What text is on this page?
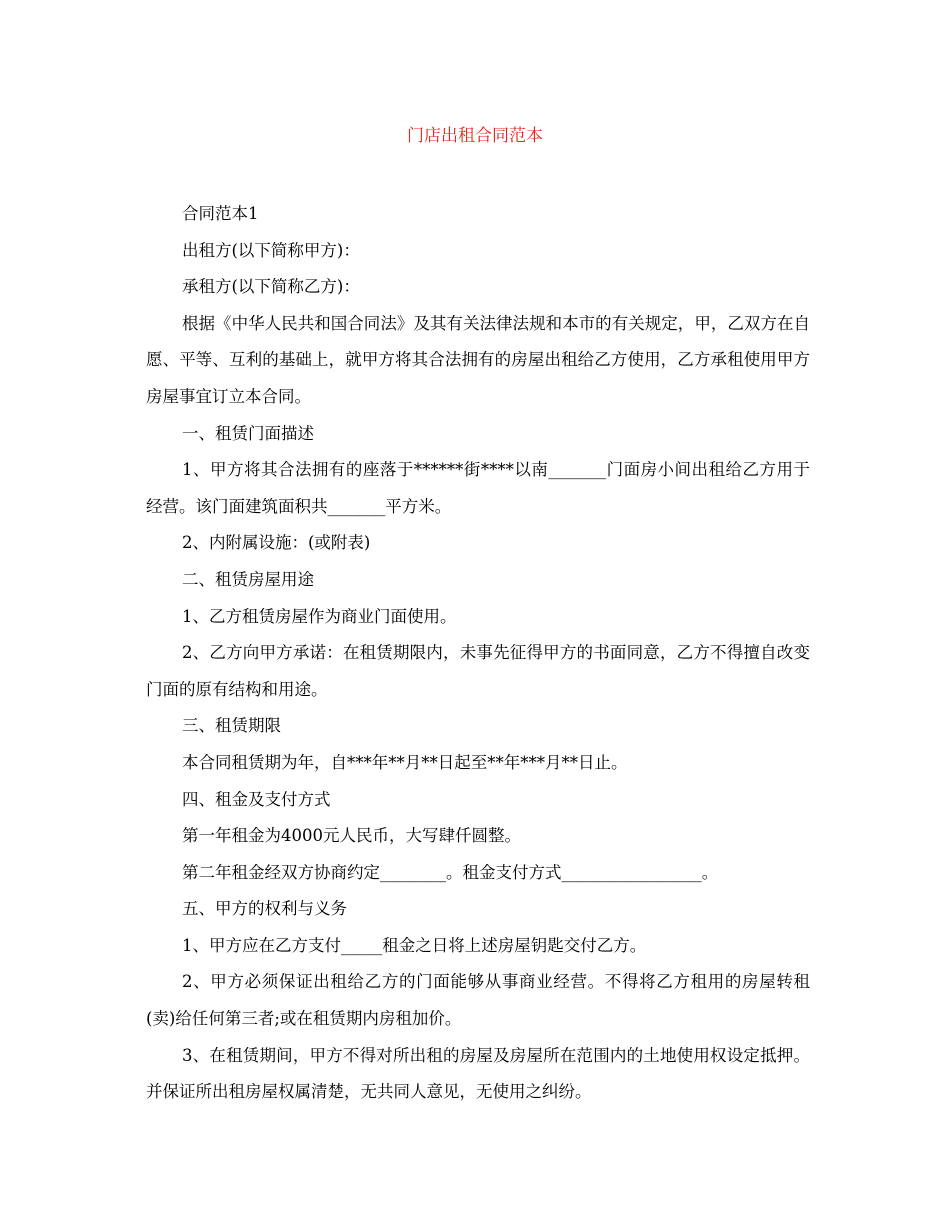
门店出租合同范本

合同范本1

出租方(以下简称甲方)：

承租方(以下简称乙方)：

根据《中华人民共和国合同法》及其有关法律法规和本市的有关规定，甲，乙双方在自愿、平等、互利的基础上，就甲方将其合法拥有的房屋出租给乙方使用，乙方承租使用甲方房屋事宜订立本合同。

一、租赁门面描述

1、甲方将其合法拥有的座落于******街****以南_______门面房小间出租给乙方用于经营。该门面建筑面积共_______平方米。

2、内附属设施：(或附表)

二、租赁房屋用途

1、乙方租赁房屋作为商业门面使用。

2、乙方向甲方承诺：在租赁期限内，未事先征得甲方的书面同意，乙方不得擅自改变门面的原有结构和用途。

三、租赁期限

本合同租赁期为年，自***年**月**日起至**年***月**日止。

四、租金及支付方式

第一年租金为4000元人民币，大写肆仟圆整。

第二年租金经双方协商约定________。租金支付方式_________________。

五、甲方的权利与义务

1、甲方应在乙方支付_____租金之日将上述房屋钥匙交付乙方。

2、甲方必须保证出租给乙方的门面能够从事商业经营。不得将乙方租用的房屋转租(卖)给任何第三者;或在租赁期内房租加价。

3、在租赁期间，甲方不得对所出租的房屋及房屋所在范围内的土地使用权设定抵押。并保证所出租房屋权属清楚，无共同人意见，无使用之纠纷。
